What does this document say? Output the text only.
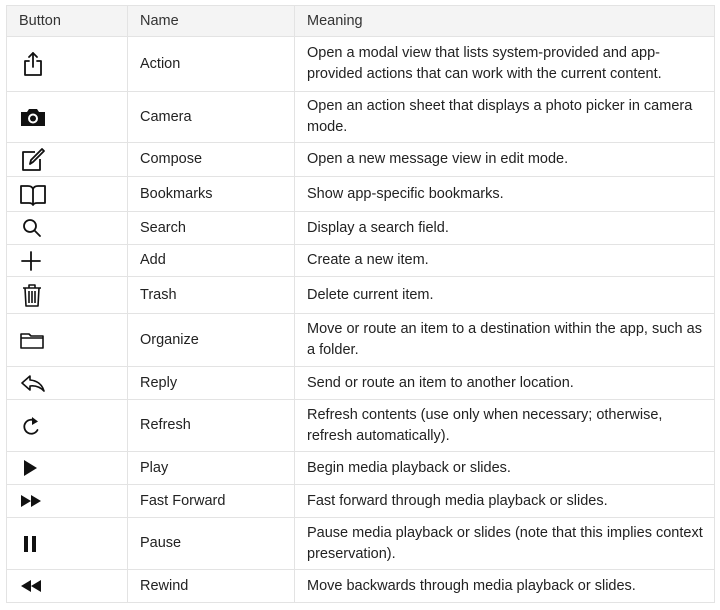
Button	Name	Meaning

	Action	Open a modal view that lists system-provided and app-provided actions that can work with the current content.

	Camera	Open an action sheet that displays a photo picker in camera mode.

	Compose	Open a new message view in edit mode.

	Bookmarks	Show app-specific bookmarks.

	Search	Display a search field.

	Add	Create a new item.

	Trash	Delete current item.

	Organize	Move or route an item to a destination within the app, such as a folder.

	Reply	Send or route an item to another location.

	Refresh	Refresh contents (use only when necessary; otherwise, refresh automatically).

	Play	Begin media playback or slides.

	Fast Forward	Fast forward through media playback or slides.

	Pause	Pause media playback or slides (note that this implies context preservation).

	Rewind	Move backwards through media playback or slides.
